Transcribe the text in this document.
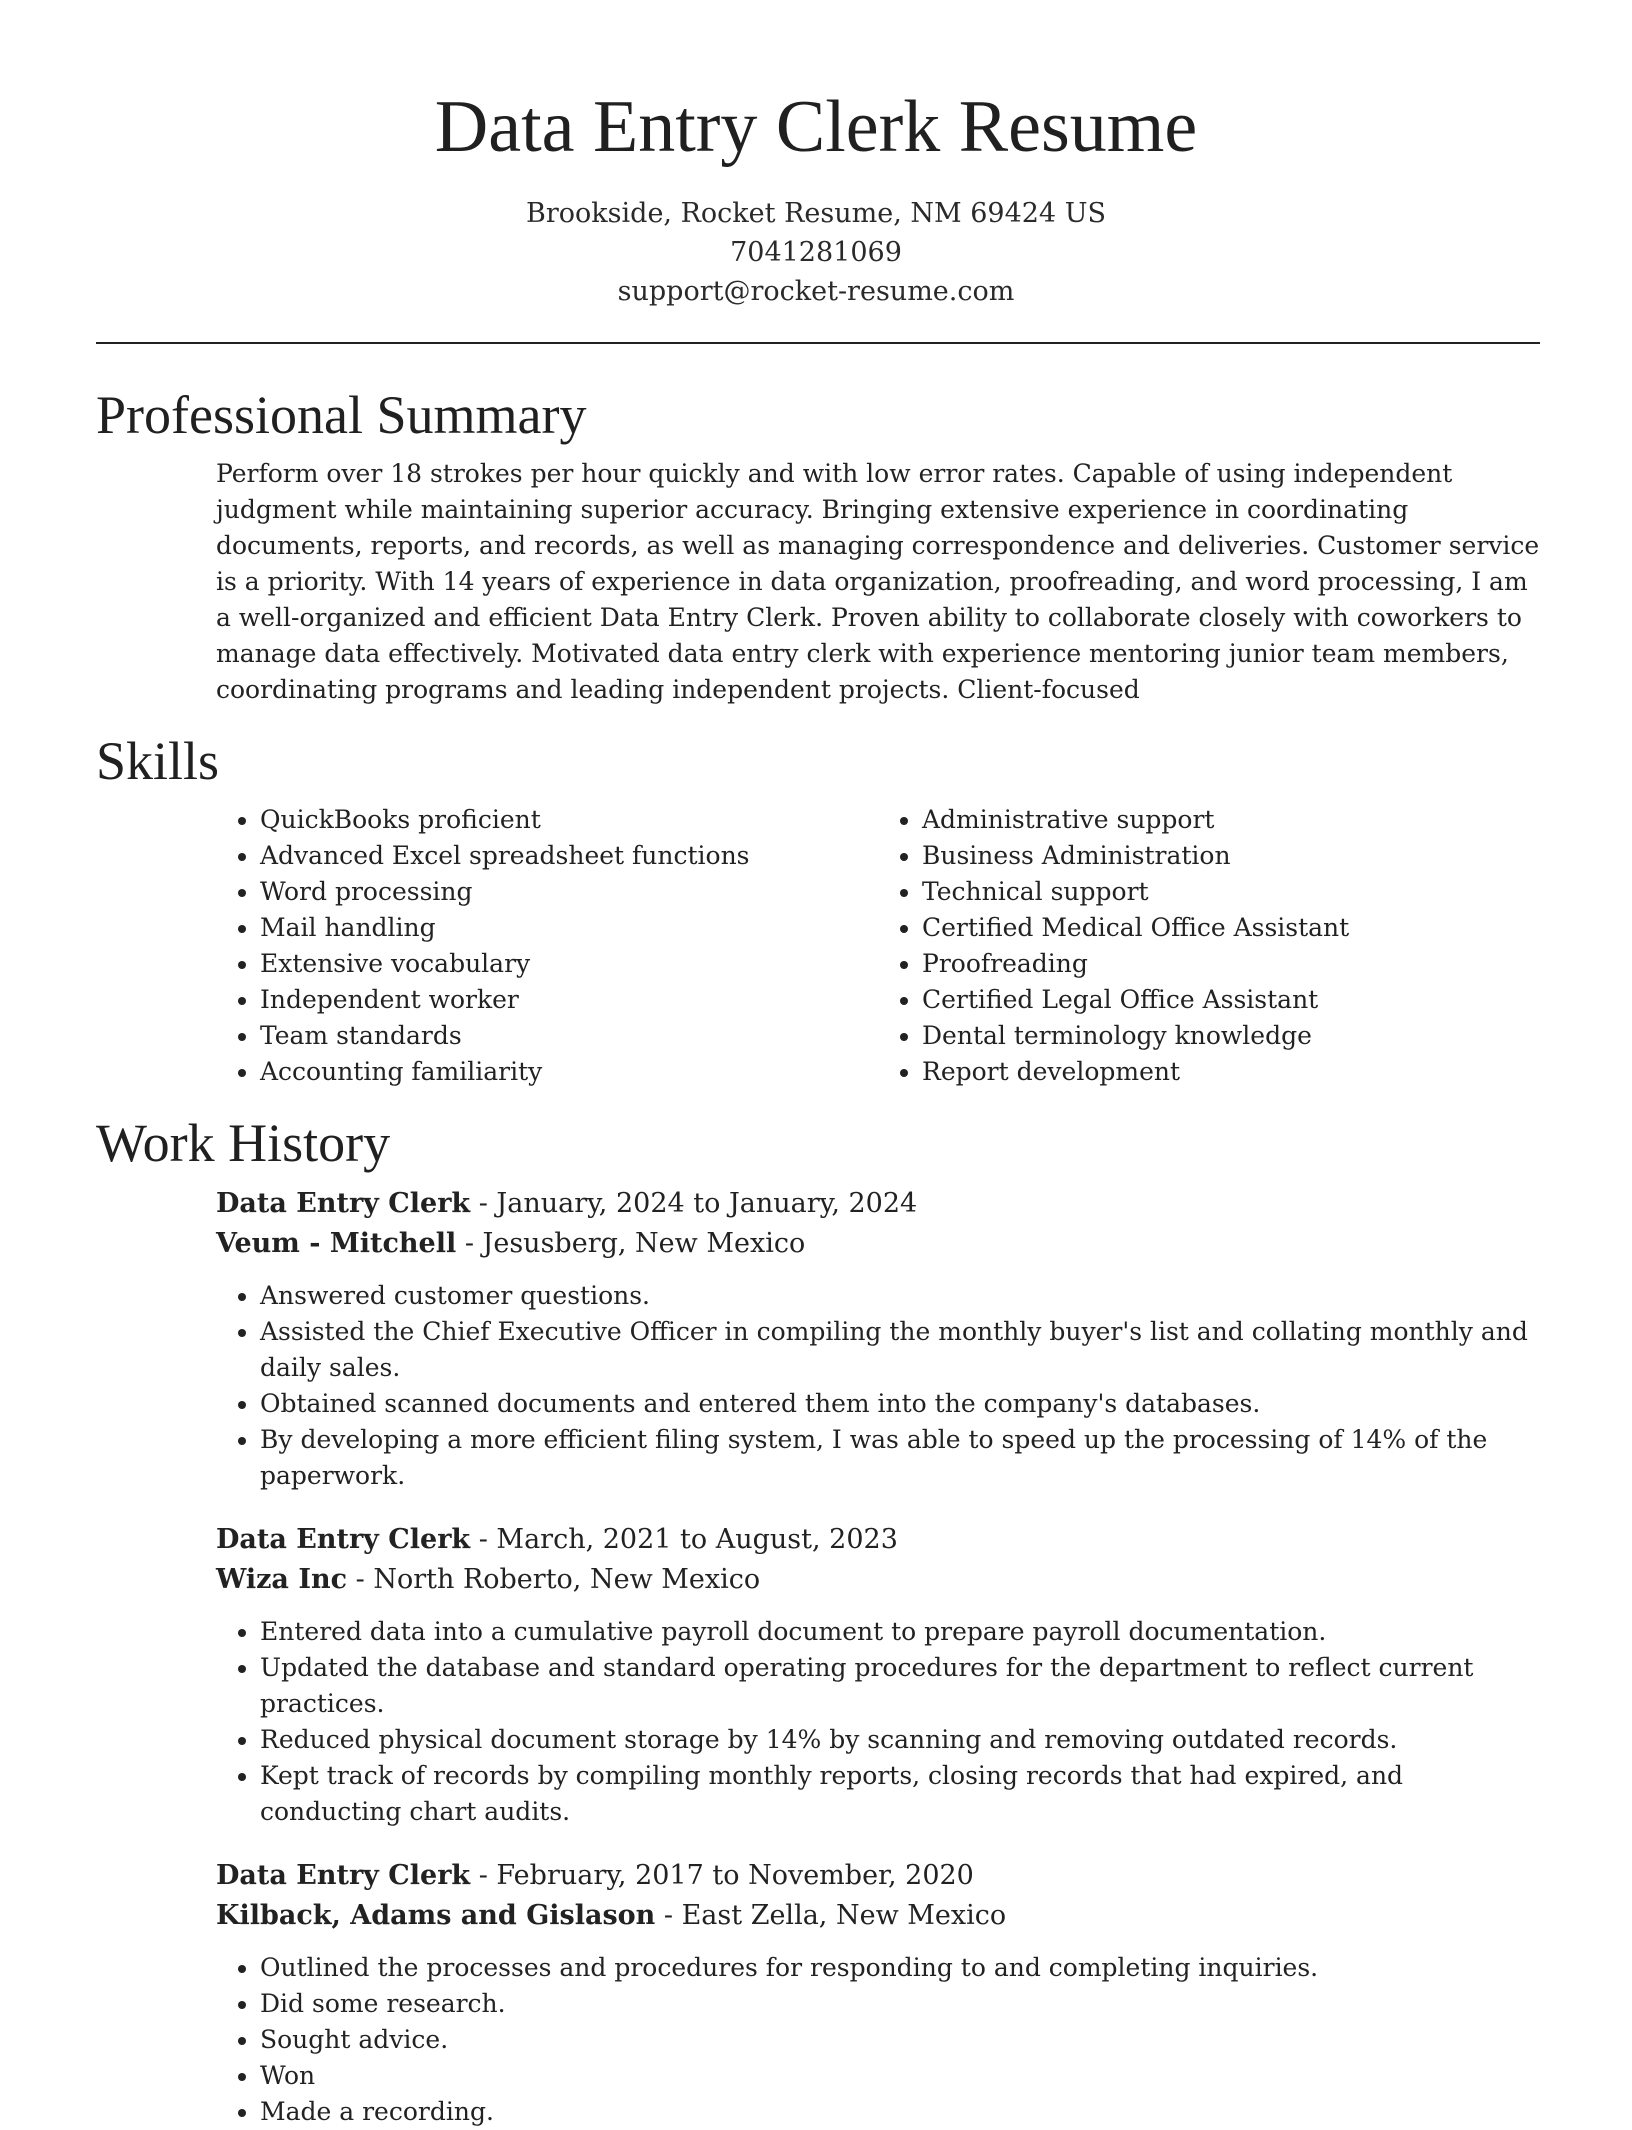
Data Entry Clerk Resume
Brookside, Rocket Resume, NM 69424 US
7041281069
support@rocket-resume.com
Professional Summary

Perform over 18 strokes per hour quickly and with low error rates. Capable of using independent judgment while maintaining superior accuracy. Bringing extensive experience in coordinating documents, reports, and records, as well as managing correspondence and deliveries. Customer service is a priority. With 14 years of experience in data organization, proofreading, and word processing, I am a well-organized and efficient Data Entry Clerk. Proven ability to collaborate closely with coworkers to manage data effectively. Motivated data entry clerk with experience mentoring junior team members, coordinating programs and leading independent projects. Client-focused

Skills
• QuickBooks proficient
• Advanced Excel spreadsheet functions
• Word processing
• Mail handling
• Extensive vocabulary
• Independent worker
• Team standards
• Accounting familiarity
• Administrative support
• Business Administration
• Technical support
• Certified Medical Office Assistant
• Proofreading
• Certified Legal Office Assistant
• Dental terminology knowledge
• Report development
Work History
Data Entry Clerk - January, 2024 to January, 2024
Veum - Mitchell - Jesusberg, New Mexico
• Answered customer questions.
• Assisted the Chief Executive Officer in compiling the monthly buyer's list and collating monthly and daily sales.
• Obtained scanned documents and entered them into the company's databases.
• By developing a more efficient filing system, I was able to speed up the processing of 14% of the paperwork.
Data Entry Clerk - March, 2021 to August, 2023
Wiza Inc - North Roberto, New Mexico
• Entered data into a cumulative payroll document to prepare payroll documentation.
• Updated the database and standard operating procedures for the department to reflect current practices.
• Reduced physical document storage by 14% by scanning and removing outdated records.
• Kept track of records by compiling monthly reports, closing records that had expired, and conducting chart audits.
Data Entry Clerk - February, 2017 to November, 2020
Kilback, Adams and Gislason - East Zella, New Mexico
• Outlined the processes and procedures for responding to and completing inquiries.
• Did some research.
• Sought advice.
• Won
• Made a recording.
